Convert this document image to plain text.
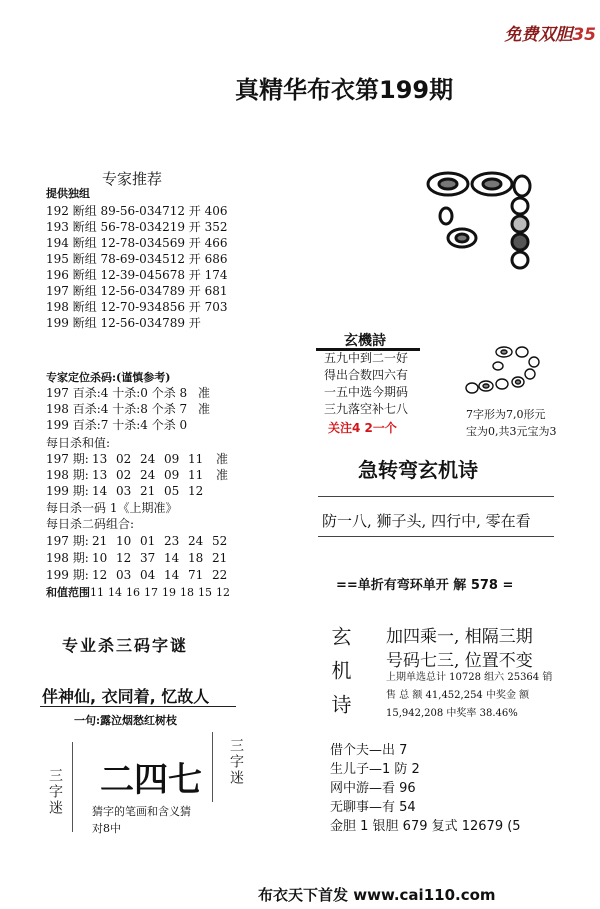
免费双胆35
真精华布衣第199期
专家推荐
提供独组
192 断组 89-56-034712 开 406
193 断组 56-78-034219 开 352
194 断组 12-78-034569 开 466
195 断组 78-69-034512 开 686
196 断组 12-39-045678 开 174
197 断组 12-56-034789 开 681
198 断组 12-70-934856 开 703
199 断组 12-56-034789 开
专家定位杀码:(谨慎参考)
197 百杀:4 十杀:0 个杀 8 准
198 百杀:4 十杀:8 个杀 7 准
199 百杀:7 十杀:4 个杀 0
每日杀和值:
197 期: 13 02 24 09 11 准
198 期: 13 02 24 09 11 准
199 期: 14 03 21 05 12
每日杀一码 1《上期准》
每日杀二码组合:
197 期: 21 10 01 23 24 52
198 期: 10 12 37 14 18 21
199 期: 12 03 04 14 71 22
和值范围 11 14 16 17 19 18 15 12
专业杀三码字谜
伴神仙, 衣同着, 忆故人
一句:露泣烟愁红树枝
三字迷
三字迷
二四七
猜字的笔画和含义猜
对8中
玄機詩
五九中到二一好
得出合数四六有
一五中选今期码
三九落空补七八
关注4 2一个
7字形为7,0形元
宝为0,共3元宝为3
急转弯玄机诗
防一八, 狮子头, 四行中, 零在看
==单折有弯环单开 解 578 =
玄机诗 加四乘一, 相隔三期
号码七三, 位置不变
上期单选总计 10728 组六 25364 销
售 总 额 41,452,254 中奖金 额
15,942,208 中奖率 38.46%
借个夫—出 7
生儿子—1 防 2
网中游—看 96
无聊事—有 54
金胆 1 银胆 679 复式 12679 (5
布衣天下首发 www.cai110.com
